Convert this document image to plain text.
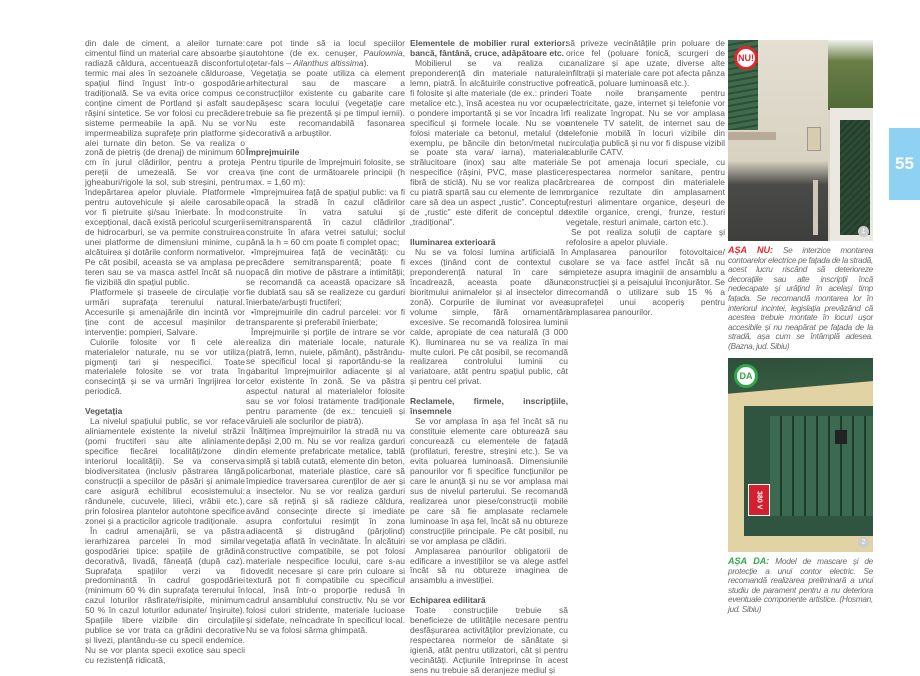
din dale de ciment, a aleilor turnate: cimentul fiind un material care absoarbe și radiază căldura, accentuează disconfortul termic mai ales în sezoanele călduroase, spațiul fiind îngust într-o gospodărie tradițională. Se va evita orice compus ce conține ciment de Portland și asfalt sau rășini sintetice. Se vor folosi cu precădere sisteme permeabile la apă. Nu se vor impermeabiliza suprafețe prin platforme și alei turnate din beton. Se va realiza o zonă de pietriș (de drenaj) de minimum 60 cm în jurul clădirilor, pentru a proteja pereții de umezeală. Se vor crea jgheaburi/rigole la sol, sub streșini, pentru îndepărtarea apelor pluviale. Platformele pentru autovehicule și aleile carosabile vor fi pietruite și/sau înierbate. În mod excepțional, dacă există pericolul scurgerii de hidrocarburi, se va permite construirea unei platforme de dimensiuni minime, cu alcătuirea și dotările conform normativelor. Pe cât posibil, aceasta se va amplasa pe teren sau se va masca astfel încât să nu fie vizibilă din spațiul public.

Platformele și traseele de circulație vor urmări suprafața terenului natural. Accesurile și amenajările din incintă vor ține cont de accesul mașinilor de intervenție: pompieri, Salvare.

Culorile folosite vor fi cele ale materialelor naturale, nu se vor utiliza pigmenți tari și nespecifici. Toate materialele folosite se vor trata în consecință și se va urmări îngrijirea lor periodică.

Vegetația

La nivelul spațiului public, se vor reface aliniamentele existente la nivelul străzii (pomi fructiferi sau alte aliniamente specifice fiecărei localități/zone din interiorul localității). Se va conserva biodiversitatea (inclusiv păstrarea lângă construcții a speciilor de păsări și animale care asigură echilibrul ecosistemului: rândunele, cucuvele, lilieci, vrăbii etc.), prin folosirea plantelor autohtone specifice zonei și a practicilor agricole tradiționale.

În cadrul amenajării, se va păstra ierarhizarea parcelei în mod similar gospodăriei tipice: spațiile de grădină decorativă, livadă, fâneață (după caz). Suprafața spațiilor verzi va fi predominantă în cadrul gospodăriei (minimum 60 % din suprafața terenului în cazul loturilor răsfirate/risipite, minimum 50 % în cazul loturilor adunate/ înșiruite). Spațiile libere vizibile din circulațiile publice se vor trata ca grădini decorative și livezi, plantându-se cu specii endemice. Nu se vor planta specii exotice sau specii cu rezistență ridicată,

care pot tinde să ia locul speciilor autohtone (de ex. cenușer, Paulownia, oțetar-fals – Ailanthus altissima).

Vegetația se poate utiliza ca element arhitectural sau de mascare a construcțiilor existente cu gabarite care depășesc scara locului (vegetație care trebuie sa fie prezentă și pe timpul iernii). Nu este recomandabilă fasonarea decorativă a arbuștilor.

Împrejmuirile

Pentru tipurile de împrejmuiri folosite, se va ține cont de următoarele principii (h max. = 1,60 m):

•împrejmuirea față de spațiul public: va fi opacă la stradă în cazul clădirilor construite în vatra satului și semitransparentă în cazul clădirilor construite în afara vetrei satului; soclul până la h = 60 cm poate fi complet opac;

•împrejmuirea față de vecinătăți: cu precădere semitransparentă; poate fi opacă din motive de păstrare a intimității; se recomandă ca această opacizare să fie dublată sau să se realizeze cu garduri înierbate/arbuști fructiferi;

•împrejmuirile din cadrul parcelei: vor fi transparente și preferabil înierbate;

Împrejmuirile și porțile de intrare se vor realiza din materiale locale, naturale (piatră, lemn, nuiele, pământ), păstrându-se specificul local și raportându-se la gabaritul împrejmuirilor adiacente și al celor existente în zonă. Se va păstra aspectul natural al materialelor folosite sau se vor folosi tratamente tradiționale pentru paramente (de ex.: tencuieli și văruieli ale soclurilor de piatră).

Înălțimea împrejmuirilor la stradă nu va depăși 2,00 m. Nu se vor realiza garduri din elemente prefabricate metalice, tablă simplă și tablă cutată, elemente din beton, policarbonat, materiale plastice, care să împiedice traversarea curenților de aer și a insectelor. Nu se vor realiza garduri care să rețină și să radieze căldura, având consecințe directe și imediate asupra confortului resimțit în zona adiacentă și distrugând (pârjolind) vegetația aflată în vecinătate. În alcătuiri constructive compatibile, se pot folosi materiale nespecifice locului, care s-au dovedit necesare și care prin culoare si textură pot fi compatibile cu specificul local, însă într-o proporție redusă în cadrul ansamblului constructiv. Nu se vor folosi culori stridente, materiale lucioase și sidefate, neîncadrate în specificul local. Nu se va folosi sârma ghimpată.

Elementele de mobilier rural exterior: bancă, fântână, cruce, adăpătoare etc.

Mobilierul se va realiza cu preponderență din materiale naturale: lemn, piatră. În alcătuirile constructive pot fi folosite și alte materiale (de ex.: prinderi metalice etc.), însă acestea nu vor ocupa o pondere importantă și se vor încadra în specificul și formele locale. Nu se vor folosi materiale ca betonul, metalul (de exemplu, pe băncile din beton/metal nu se poate sta vara/ iarna), materiale strălucitoare (inox) sau alte materiale nespecifice (rășini, PVC, mase plastice, fibră de sticlă). Nu se vor realiza placări cu piatră spartă sau cu elemente de lemn care să dea un aspect „rustic”. Conceptul de „rustic” este diferit de conceptul de „tradițional”.

Iluminarea exterioară

Nu se va folosi lumina artificială în exces (ținând cont de contextul cu preponderență natural în care se încadrează, aceasta poate dăuna bioritmului animalelor și al insectelor din zonă). Corpurile de iluminat vor avea volume simple, fără ornamentări excesive. Se recomandă folosirea luminii calde, apropiate de cea naturală (3 000 K). Iluminarea nu se va realiza în mai multe culori. Pe cât posibil, se recomandă realizarea controlului luminii cu variatoare, atât pentru spațiul public, cât și pentru cel privat.

Reclamele, firmele, inscripțiile, însemnele

Se vor amplasa în așa fel încât să nu constituie elemente care obturează sau concurează cu elementele de fațadă (profilaturi, ferestre, streșini etc.). Se va evita poluarea luminoasă. Dimensiunile panourilor vor fi specifice funcțiunilor pe care le anunță și nu se vor amplasa mai sus de nivelul parterului. Se recomandă realizarea unor piese/construcții mobile pe care să fie amplasate reclamele luminoase în așa fel, încât să nu obtureze construcțiile principale. Pe cât posibil, nu se vor amplasa pe clădiri.

Amplasarea panourilor obligatorii de edificare a investițiilor se va alege astfel încât să nu obtureze imaginea de ansamblu a investiției.

Echiparea edilitară

Toate construcțiile trebuie să beneficieze de utilitățile necesare pentru desfășurarea activităților previzionate, cu respectarea normelor de sănătate și igienă, atât pentru utilizatori, cât și pentru vecinătăți. Acțiunile întreprinse în acest sens nu trebuie să deranjeze mediul și

să priveze vecinătățile prin poluare de orice fel (poluare fonică, scurgeri de canalizare și ape uzate, diverse alte infiltrații și materiale care pot afecta pânza freatică, poluare luminoasă etc.).

Toate noile branșamente pentru electricitate, gaze, internet și telefonie vor fi realizate îngropat. Nu se vor amplasa antenele TV satelit, de internet sau de telefonie mobilă în locuri vizibile din circulația publică și nu vor fi dispuse vizibil cablurile CATV.

Se pot amenaja locuri speciale, cu respectarea normelor sanitare, pentru crearea de compost din materialele organice rezultate din amplasament (resturi alimentare organice, deșeuri de textile organice, crengi, frunze, resturi vegetale, resturi animale, carton etc.).

Se pot realiza soluții de captare și refolosire a apelor pluviale.

Amplasarea panourilor fotovoltaice/ solare se va face astfel încât să nu impieteze asupra imaginii de ansamblu a construcției și a peisajului înconjurător. Se recomandă o utilizare sub 15 % a suprafeței unui acoperiș pentru amplasarea panourilor.

NU!
1
AȘA NU: Se interzice montarea contoarelor electrice pe fațada de la stradă, acest lucru riscând să deterioreze decorațiile sau alte inscripții încă nedecapate și urâțind în același timp fațada. Se recomandă montarea lor în interiorul incintei, legislația prevăzând că acestea trebuie montate în locuri ușor accesibile și nu neapărat pe fațada de la stradă, așa cum se întâmplă adesea. (Bazna, jud. Sibiu)
380 V
DA
2
AȘA DA: Model de mascare și de protecție a unui contor electric. Se recomandă realizarea preliminară a unui studiu de parament pentru a nu deteriora eventuale componente artistice. (Hosman, jud. Sibiu)
55
